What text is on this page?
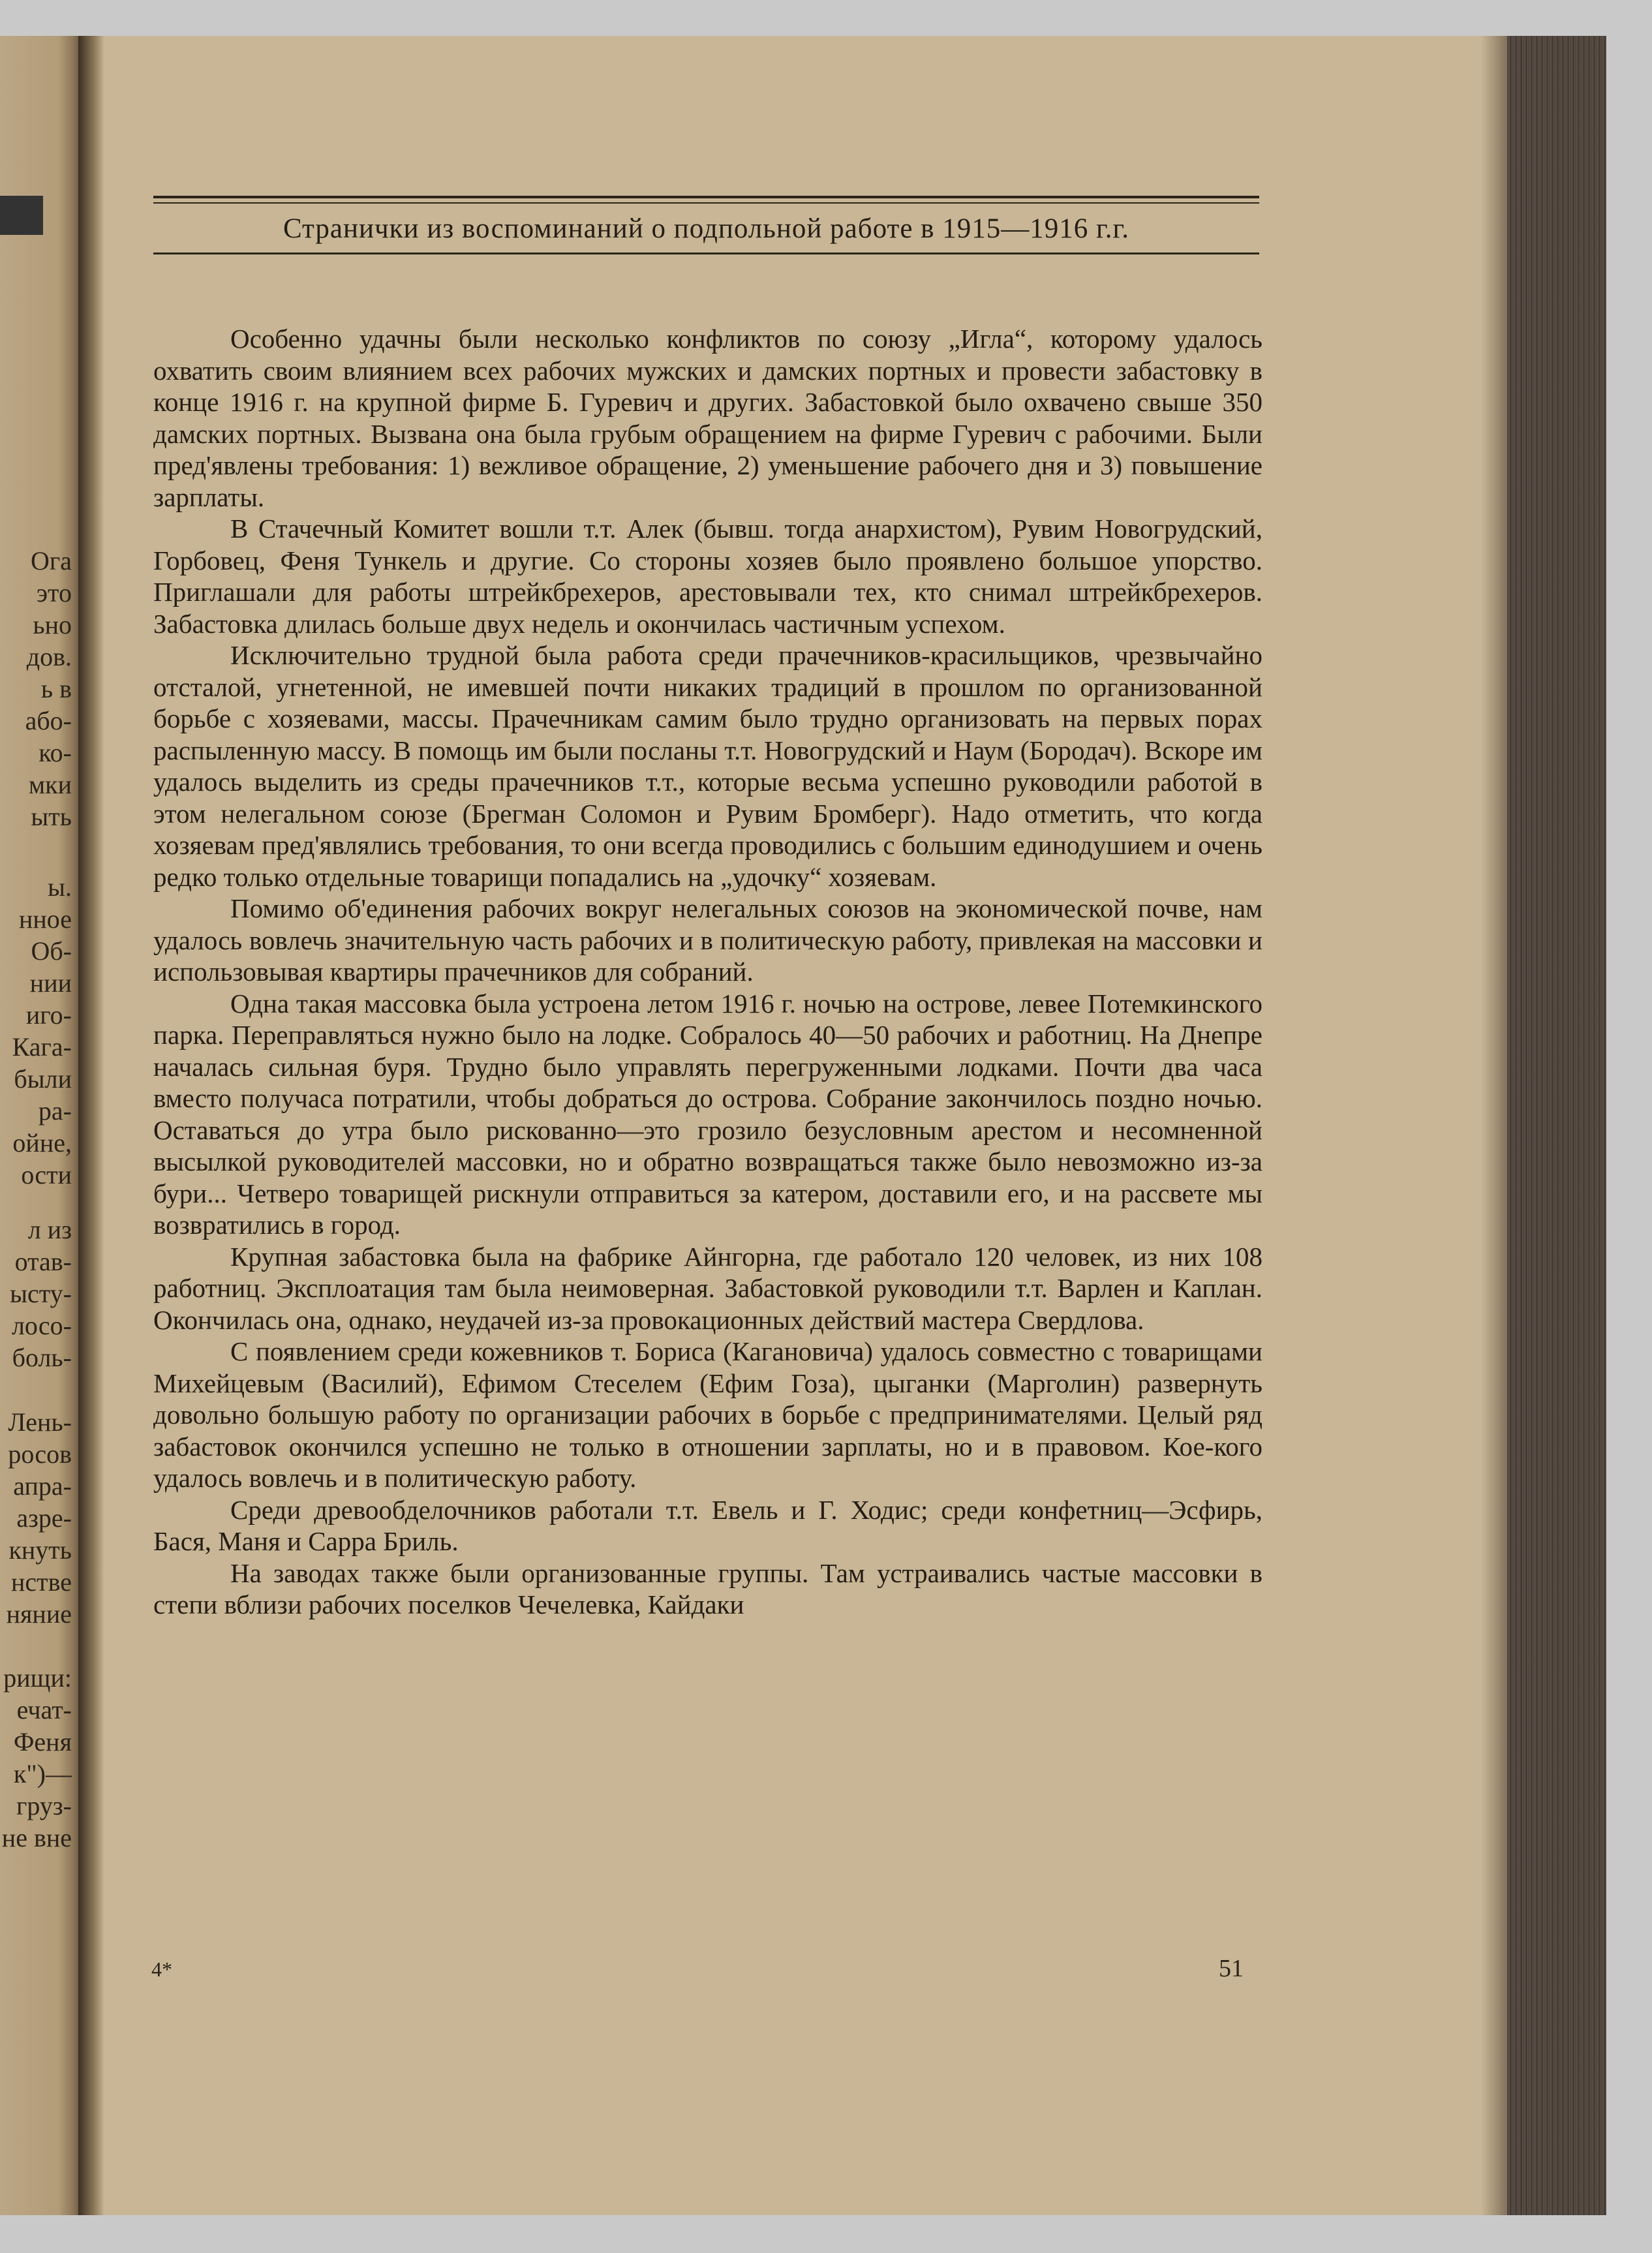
Ога
это
ьно
дов.
ь в
або-
ко-
мки
ыть
ы.
нное
Об-
нии
иго-
Кага-
были
ра-
ойне,
ости
л из
отав-
ысту-
лосо-
боль-
Лень-
росов
апра-
азре-
кнуть
нстве
няние
рищи:
ечат-
Феня
к")—
груз-
не вне
Странички из воспоминаний о подпольной работе в 1915—1916 г.г.

Особенно удачны были несколько конфликтов по союзу „Игла“, которому удалось охватить своим влиянием всех рабочих мужских и дамских портных и провести забастовку в конце 1916 г. на крупной фирме Б. Гуревич и других. Забастовкой было охвачено свыше 350 дамских портных. Вызвана она была грубым обращением на фирме Гуревич с рабочими. Были пред'явлены требования: 1) вежливое обращение, 2) уменьшение рабочего дня и 3) повышение зарплаты.

В Стачечный Комитет вошли т.т. Алек (бывш. тогда анархистом), Рувим Новогрудский, Горбовец, Феня Тункель и другие. Со стороны хозяев было проявлено большое упорство. Приглашали для работы штрейкбрехеров, арестовывали тех, кто снимал штрейкбрехеров. Забастовка длилась больше двух недель и окончилась частичным успехом.

Исключительно трудной была работа среди прачечников-красильщиков, чрезвычайно отсталой, угнетенной, не имевшей почти никаких традиций в прошлом по организованной борьбе с хозяевами, массы. Прачечникам самим было трудно организовать на первых порах распыленную массу. В помощь им были посланы т.т. Новогрудский и Наум (Бородач). Вскоре им удалось выделить из среды прачечников т.т., которые весьма успешно руководили работой в этом нелегальном союзе (Брегман Соломон и Рувим Бромберг). Надо отметить, что когда хозяевам пред'являлись требования, то они всегда проводились с большим единодушием и очень редко только отдельные товарищи попадались на „удочку“ хозяевам.

Помимо об'единения рабочих вокруг нелегальных союзов на экономической почве, нам удалось вовлечь значительную часть рабочих и в политическую работу, привлекая на массовки и использовывая квартиры прачечников для собраний.

Одна такая массовка была устроена летом 1916 г. ночью на острове, левее Потемкинского парка. Переправляться нужно было на лодке. Собралось 40—50 рабочих и работниц. На Днепре началась сильная буря. Трудно было управлять перегруженными лодками. Почти два часа вместо получаса потратили, чтобы добраться до острова. Собрание закончилось поздно ночью. Оставаться до утра было рискованно—это грозило безусловным арестом и несомненной высылкой руководителей массовки, но и обратно возвращаться также было невозможно из-за бури... Четверо товарищей рискнули отправиться за катером, доставили его, и на рассвете мы возвратились в город.

Крупная забастовка была на фабрике Айнгорна, где работало 120 человек, из них 108 работниц. Эксплоатация там была неимоверная. Забастовкой руководили т.т. Варлен и Каплан. Окончилась она, однако, неудачей из-за провокационных действий мастера Свердлова.

С появлением среди кожевников т. Бориса (Кагановича) удалось совместно с товарищами Михейцевым (Василий), Ефимом Стеселем (Ефим Гоза), цыганки (Марголин) развернуть довольно большую работу по организации рабочих в борьбе с предпринимателями. Целый ряд забастовок окончился успешно не только в отношении зарплаты, но и в правовом. Кое-кого удалось вовлечь и в политическую работу.

Среди древообделочников работали т.т. Евель и Г. Ходис; среди конфетниц—Эсфирь, Бася, Маня и Сарра Бриль.

На заводах также были организованные группы. Там устраивались частые массовки в степи вблизи рабочих поселков Чечелевка, Кайдаки

4*	51
